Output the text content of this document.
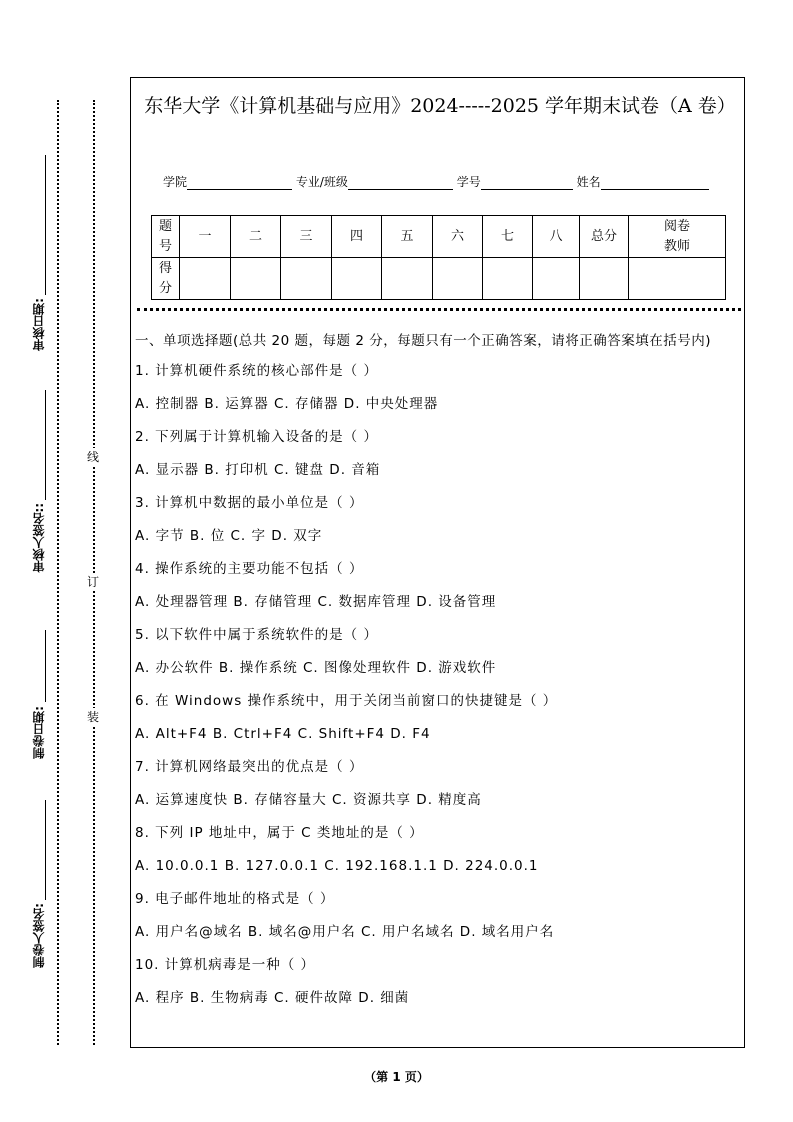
审核日期:
审核人签名::
制卷日期:
制卷人签名:
线
订
装
东华大学《计算机基础与应用》2024-----2025 学年期末试卷（A 卷）
学院	专业/班级	学号	姓名
题号	一	二	三	四	五	六	七	八	总分	阅卷教师
得分										
一、单项选择题(总共 20 题，每题 2 分，每题只有一个正确答案，请将正确答案填在括号内)
1. 计算机硬件系统的核心部件是（ ）
A. 控制器 B. 运算器 C. 存储器 D. 中央处理器
2. 下列属于计算机输入设备的是（ ）
A. 显示器 B. 打印机 C. 键盘 D. 音箱
3. 计算机中数据的最小单位是（ ）
A. 字节 B. 位 C. 字 D. 双字
4. 操作系统的主要功能不包括（ ）
A. 处理器管理 B. 存储管理 C. 数据库管理 D. 设备管理
5. 以下软件中属于系统软件的是（ ）
A. 办公软件 B. 操作系统 C. 图像处理软件 D. 游戏软件
6. 在 Windows 操作系统中，用于关闭当前窗口的快捷键是（ ）
A. Alt+F4 B. Ctrl+F4 C. Shift+F4 D. F4
7. 计算机网络最突出的优点是（ ）
A. 运算速度快 B. 存储容量大 C. 资源共享 D. 精度高
8. 下列 IP 地址中，属于 C 类地址的是（ ）
A. 10.0.0.1 B. 127.0.0.1 C. 192.168.1.1 D. 224.0.0.1
9. 电子邮件地址的格式是（ ）
A. 用户名@域名 B. 域名@用户名 C. 用户名域名 D. 域名用户名
10. 计算机病毒是一种（ ）
A. 程序 B. 生物病毒 C. 硬件故障 D. 细菌
（第 1 页）
